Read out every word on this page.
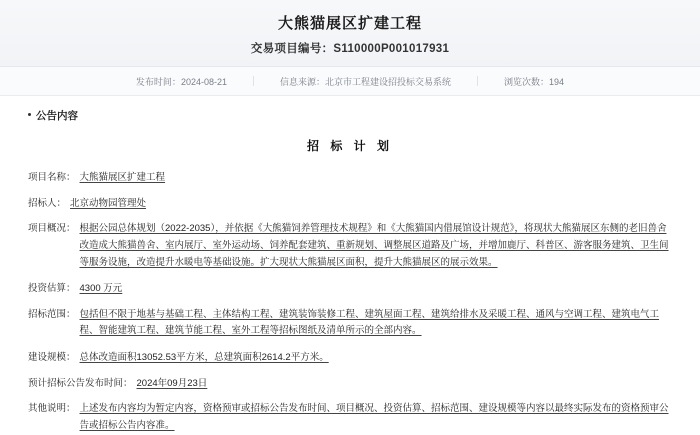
大熊猫展区扩建工程
交易项目编号：S110000P001017931
发布时间：2024-08-21	信息来源：北京市工程建设招投标交易系统	浏览次数：194
公告内容
招 标 计 划
项目名称： 大熊猫展区扩建工程
招标人： 北京动物园管理处
项目概况： 根据公园总体规划（2022-2035），并依据《大熊猫饲养管理技术规程》和《大熊猫国内借展馆设计规范》，将现状大熊猫展区东侧的老旧兽舍改造成大熊猫兽舍、室内展厅、室外运动场、饲养配套建筑、重新规划、调整展区道路及广场，并增加鹿厅、科普区、游客服务建筑、卫生间等服务设施，改造提升水暖电等基础设施。扩大现状大熊猫展区面积，提升大熊猫展区的展示效果。
投资估算： 4300 万元
招标范围： 包括但不限于地基与基础工程、主体结构工程、建筑装饰装修工程、建筑屋面工程、建筑给排水及采暖工程、通风与空调工程、建筑电气工程、智能建筑工程、建筑节能工程、室外工程等招标图纸及清单所示的全部内容。
建设规模： 总体改造面积13052.53平方米，总建筑面积2614.2平方米。
预计招标公告发布时间： 2024年09月23日
其他说明： 上述发布内容均为暂定内容，资格预审或招标公告发布时间、项目概况、投资估算、招标范围、建设规模等内容以最终实际发布的资格预审公告或招标公告内容准。
